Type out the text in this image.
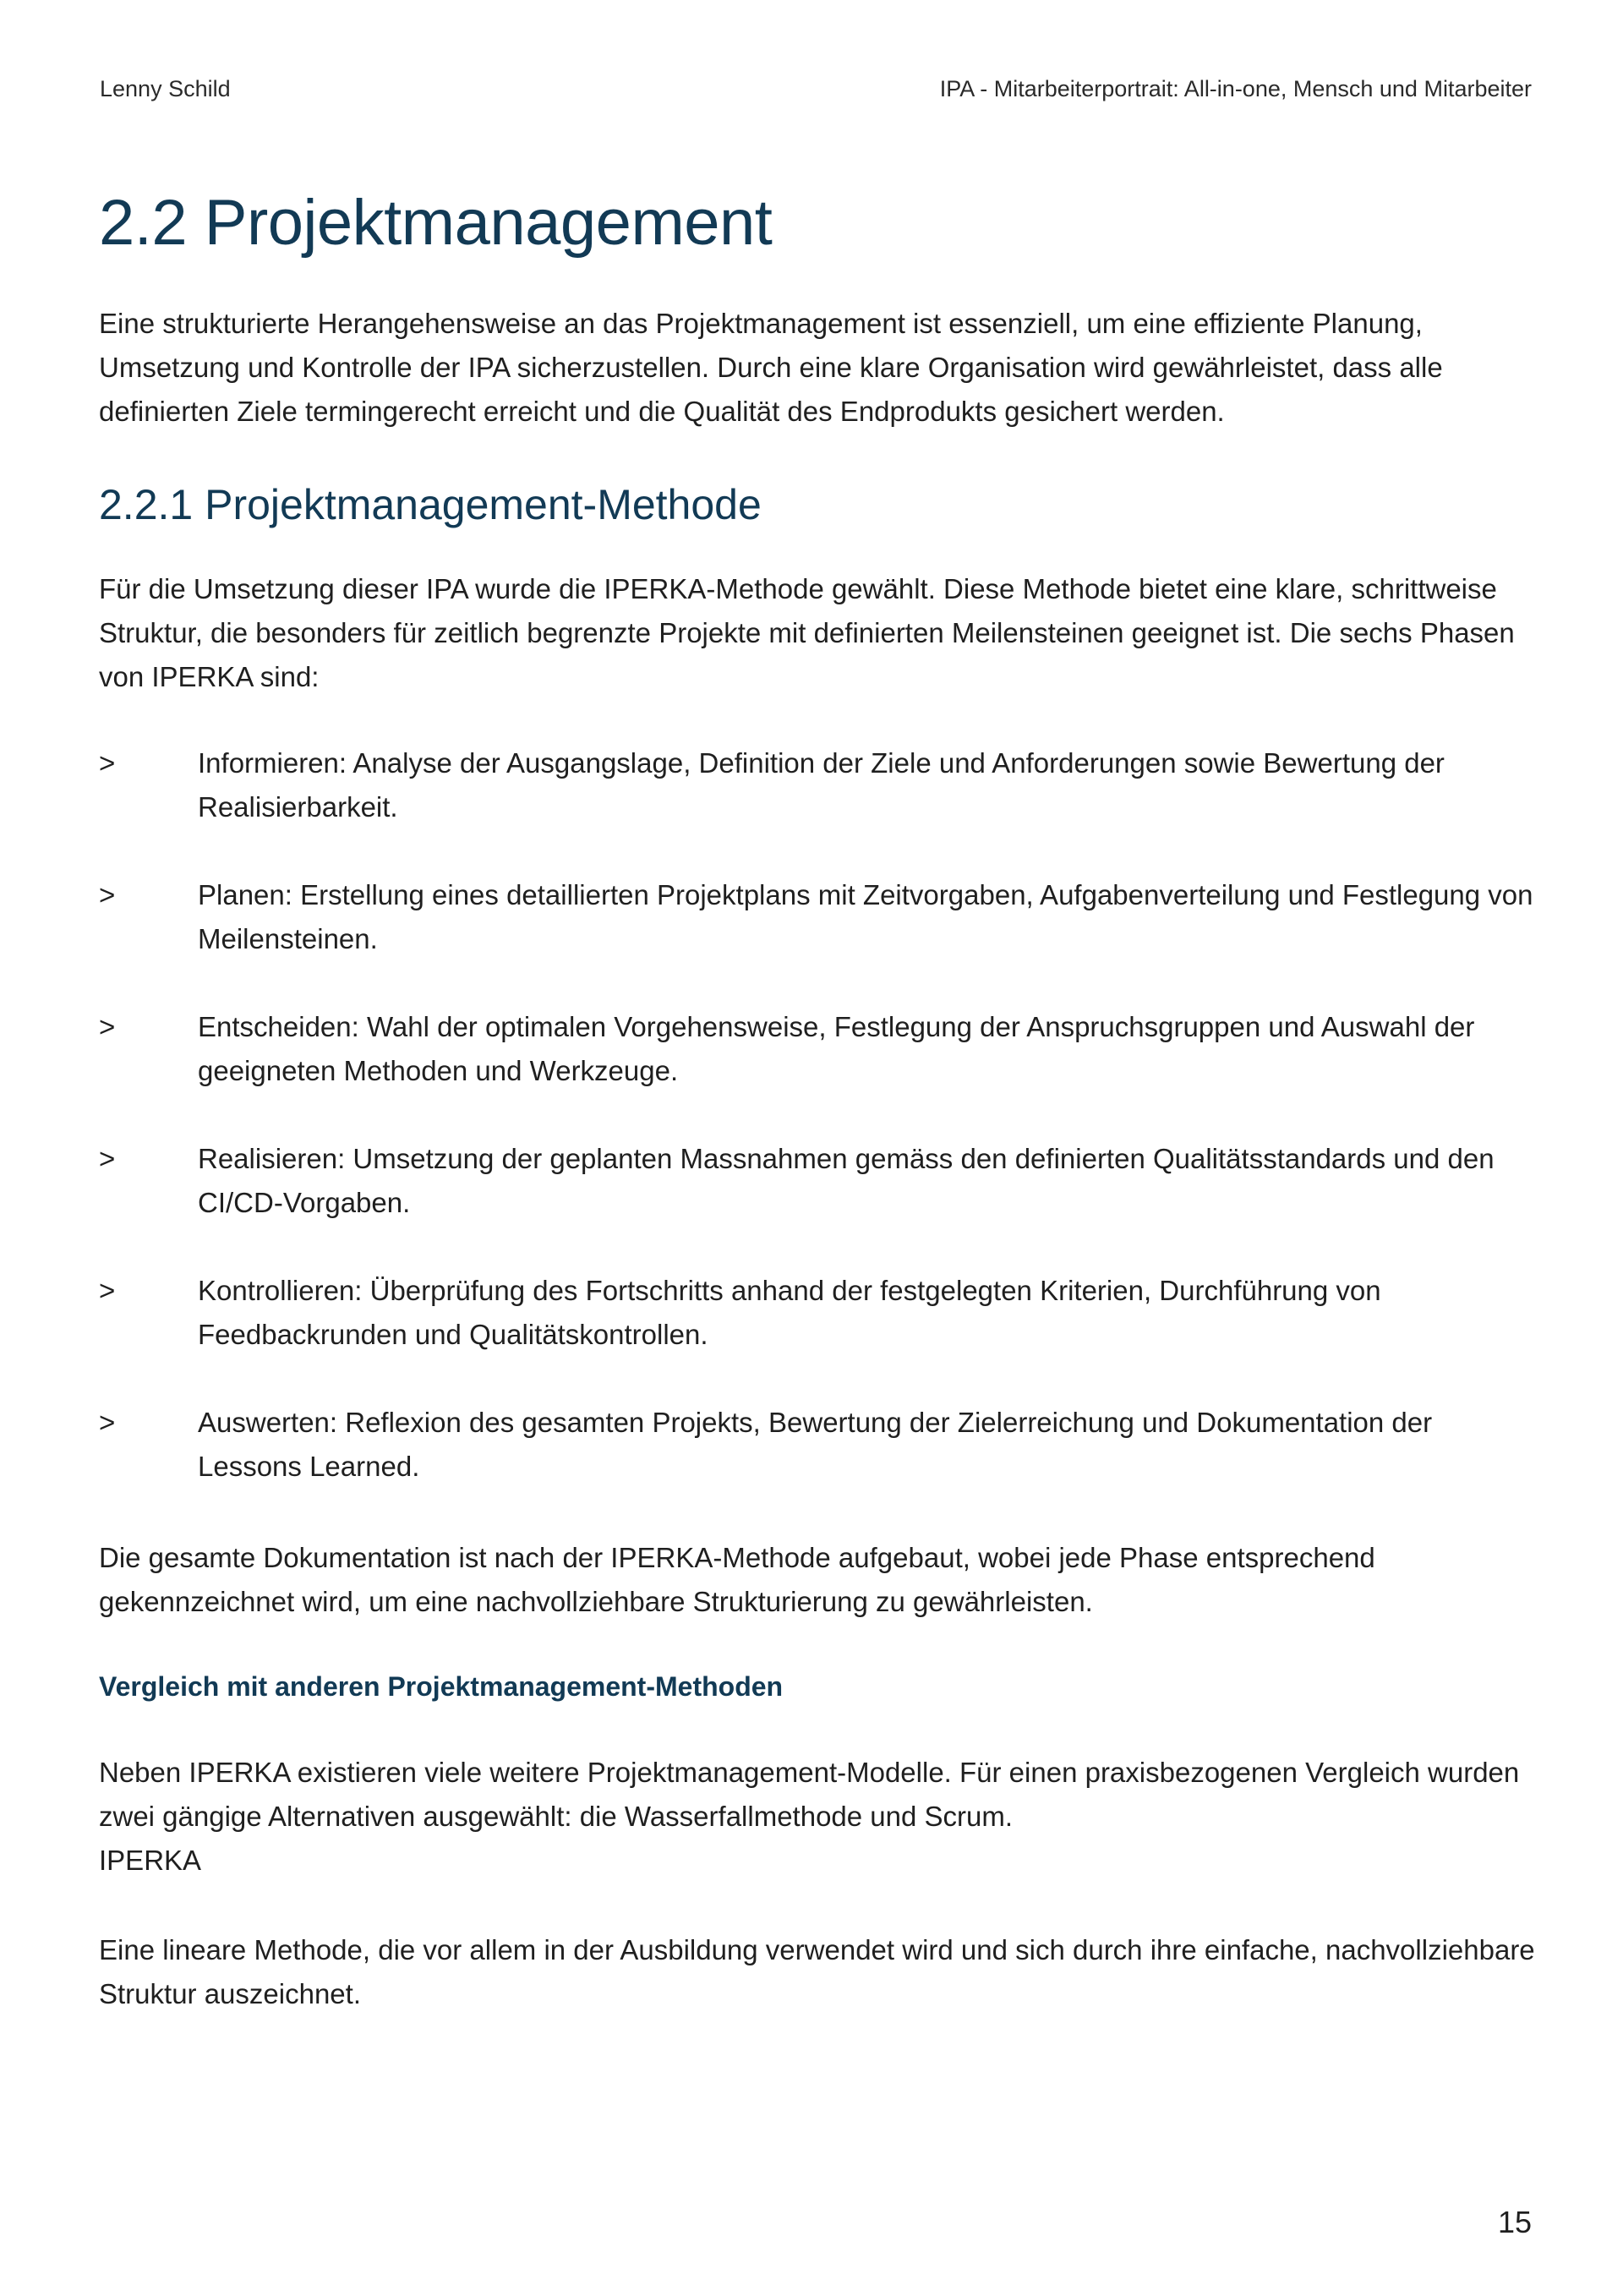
Lenny Schild	IPA - Mitarbeiterportrait: All-in-one, Mensch und Mitarbeiter
2.2 Projektmanagement

Eine strukturierte Herangehensweise an das Projektmanagement ist essenziell, um eine effiziente Planung, Umsetzung und Kontrolle der IPA sicherzustellen. Durch eine klare Organisation wird gewährleistet, dass alle definierten Ziele termingerecht erreicht und die Qualität des Endprodukts gesichert werden.

2.2.1 Projektmanagement-Methode

Für die Umsetzung dieser IPA wurde die IPERKA-Methode gewählt. Diese Methode bietet eine klare, schrittweise Struktur, die besonders für zeitlich begrenzte Projekte mit definierten Meilensteinen geeignet ist. Die sechs Phasen von IPERKA sind:

>	Informieren: Analyse der Ausgangslage, Definition der Ziele und Anforderungen sowie Bewertung der Realisierbarkeit.
>	Planen: Erstellung eines detaillierten Projektplans mit Zeitvorgaben, Aufgabenverteilung und Festlegung von Meilensteinen.
>	Entscheiden: Wahl der optimalen Vorgehensweise, Festlegung der Anspruchsgruppen und Auswahl der geeigneten Methoden und Werkzeuge.
>	Realisieren: Umsetzung der geplanten Massnahmen gemäss den definierten Qualitätsstandards und den CI/CD-Vorgaben.
>	Kontrollieren: Überprüfung des Fortschritts anhand der festgelegten Kriterien, Durchführung von Feedbackrunden und Qualitätskontrollen.
>	Auswerten: Reflexion des gesamten Projekts, Bewertung der Zielerreichung und Dokumentation der Lessons Learned.

Die gesamte Dokumentation ist nach der IPERKA-Methode aufgebaut, wobei jede Phase entsprechend gekennzeichnet wird, um eine nachvollziehbare Strukturierung zu gewährleisten.

Vergleich mit anderen Projektmanagement-Methoden

Neben IPERKA existieren viele weitere Projektmanagement-Modelle. Für einen praxisbezogenen Vergleich wurden zwei gängige Alternativen ausgewählt: die Wasserfallmethode und Scrum.

IPERKA

Eine lineare Methode, die vor allem in der Ausbildung verwendet wird und sich durch ihre einfache, nachvollziehbare Struktur auszeichnet.

15
